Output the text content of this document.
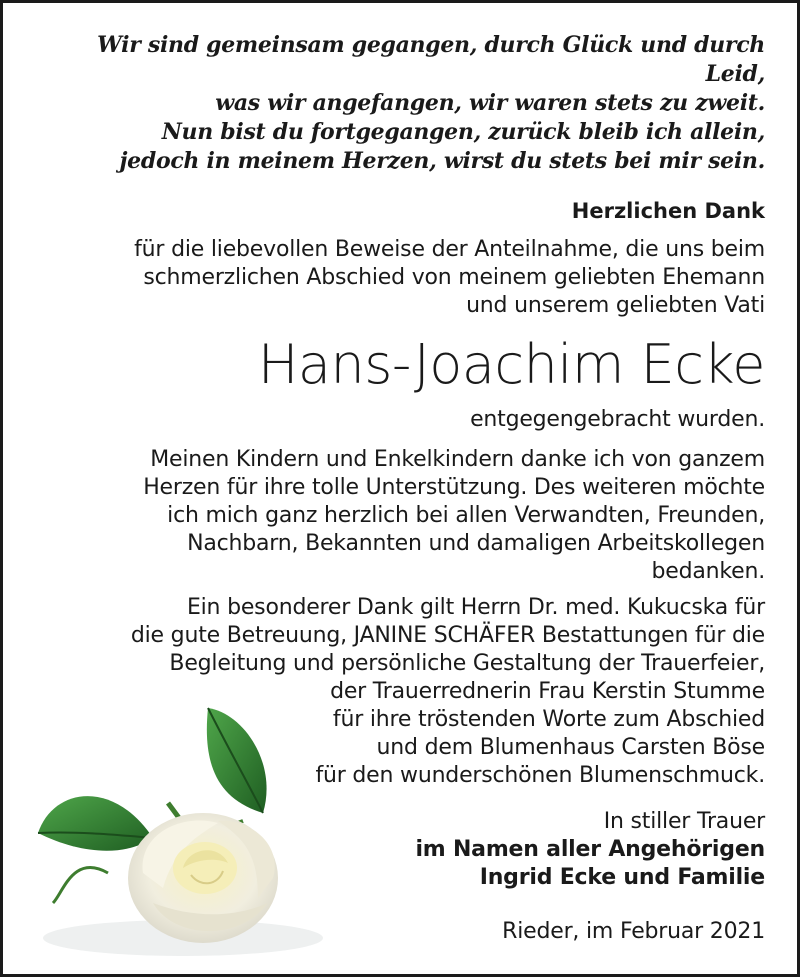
Wir sind gemeinsam gegangen, durch Glück und durch Leid,

was wir angefangen, wir waren stets zu zweit.

Nun bist du fortgegangen, zurück bleib ich allein,

jedoch in meinem Herzen, wirst du stets bei mir sein.

Herzlichen Dank

für die liebevollen Beweise der Anteilnahme, die uns beim

schmerzlichen Abschied von meinem geliebten Ehemann

und unserem geliebten Vati

Hans-Joachim Ecke

entgegengebracht wurden.

Meinen Kindern und Enkelkindern danke ich von ganzem

Herzen für ihre tolle Unterstützung. Des weiteren möchte

ich mich ganz herzlich bei allen Verwandten, Freunden,

Nachbarn, Bekannten und damaligen Arbeitskollegen

bedanken.

Ein besonderer Dank gilt Herrn Dr. med. Kukucska für

die gute Betreuung, JANINE SCHÄFER Bestattungen für die

Begleitung und persönliche Gestaltung der Trauerfeier,

der Trauerrednerin Frau Kerstin Stumme

für ihre tröstenden Worte zum Abschied

und dem Blumenhaus Carsten Böse

für den wunderschönen Blumenschmuck.

In stiller Trauer

im Namen aller Angehörigen

Ingrid Ecke und Familie

Rieder, im Februar 2021
